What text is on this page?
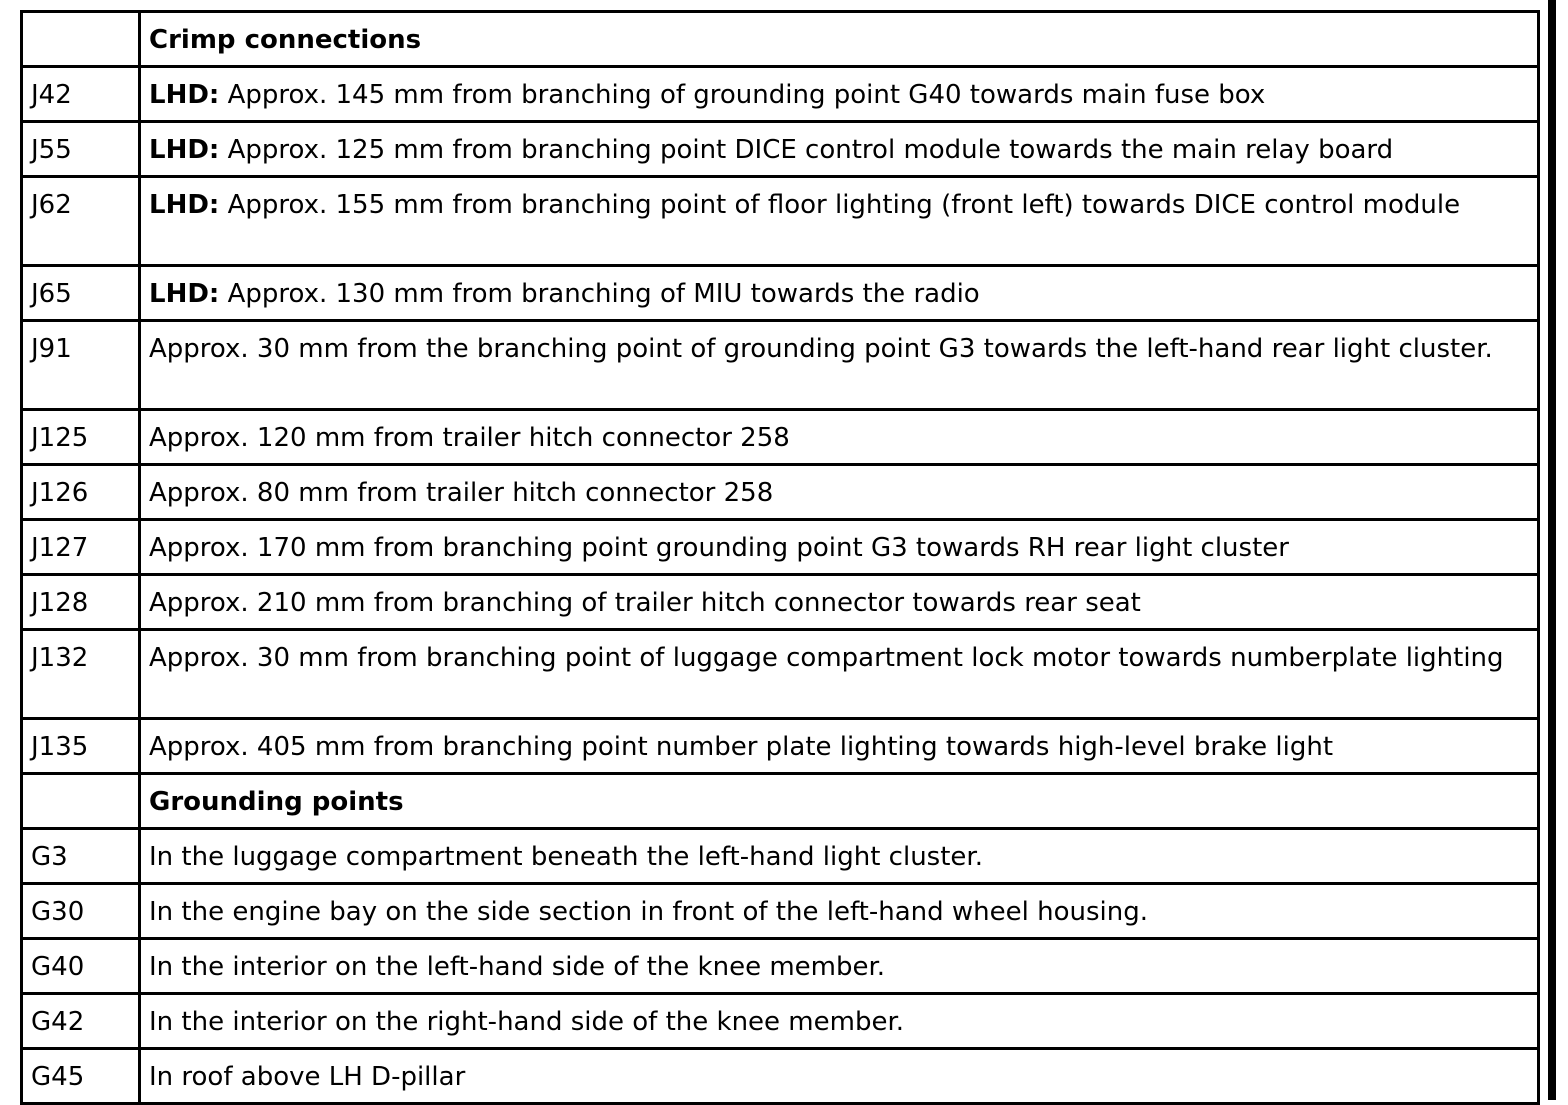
	Crimp connections
J42	LHD: Approx. 145 mm from branching of grounding point G40 towards main fuse box
J55	LHD: Approx. 125 mm from branching point DICE control module towards the main relay board
J62	LHD: Approx. 155 mm from branching point of floor lighting (front left) towards DICE control module
J65	LHD: Approx. 130 mm from branching of MIU towards the radio
J91	Approx. 30 mm from the branching point of grounding point G3 towards the left-hand rear light cluster.
J125	Approx. 120 mm from trailer hitch connector 258
J126	Approx. 80 mm from trailer hitch connector 258
J127	Approx. 170 mm from branching point grounding point G3 towards RH rear light cluster
J128	Approx. 210 mm from branching of trailer hitch connector towards rear seat
J132	Approx. 30 mm from branching point of luggage compartment lock motor towards numberplate lighting
J135	Approx. 405 mm from branching point number plate lighting towards high-level brake light
	Grounding points
G3	In the luggage compartment beneath the left-hand light cluster.
G30	In the engine bay on the side section in front of the left-hand wheel housing.
G40	In the interior on the left-hand side of the knee member.
G42	In the interior on the right-hand side of the knee member.
G45	In roof above LH D-pillar
